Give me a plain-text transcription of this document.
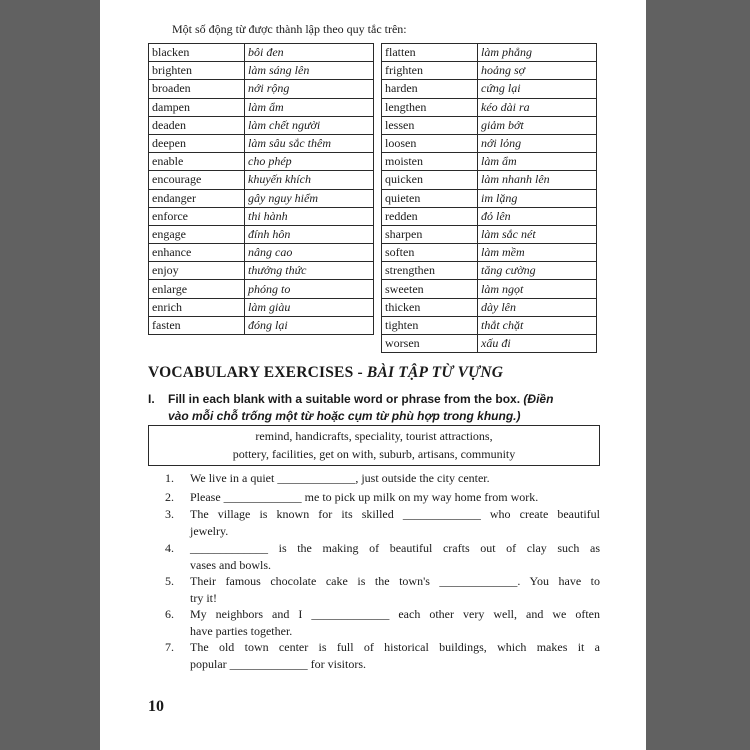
Một số động từ được thành lập theo quy tắc trên:
blacken	bôi đen
brighten	làm sáng lên
broaden	nới rộng
dampen	làm ẩm
deaden	làm chết người
deepen	làm sâu sắc thêm
enable	cho phép
encourage	khuyến khích
endanger	gây nguy hiểm
enforce	thi hành
engage	đính hôn
enhance	nâng cao
enjoy	thưởng thức
enlarge	phóng to
enrich	làm giàu
fasten	đóng lại
flatten	làm phẳng
frighten	hoảng sợ
harden	cứng lại
lengthen	kéo dài ra
lessen	giảm bớt
loosen	nới lỏng
moisten	làm ẩm
quicken	làm nhanh lên
quieten	im lặng
redden	đỏ lên
sharpen	làm sắc nét
soften	làm mềm
strengthen	tăng cường
sweeten	làm ngọt
thicken	dày lên
tighten	thắt chặt
worsen	xấu đi
VOCABULARY EXERCISES - BÀI TẬP TỪ VỰNG
I. Fill in each blank with a suitable word or phrase from the box. (Điền
vào mỗi chỗ trống một từ hoặc cụm từ phù hợp trong khung.)
remind, handicrafts, speciality, tourist attractions,
pottery, facilities, get on with, suburb, artisans, community
1. We live in a quiet _____________, just outside the city center.
2. Please _____________ me to pick up milk on my way home from work.
3. The village is known for its skilled _____________ who create beautiful
jewelry.
4. _____________ is the making of beautiful crafts out of clay such as
vases and bowls.
5. Their famous chocolate cake is the town's _____________. You have to
try it!
6. My neighbors and I _____________ each other very well, and we often
have parties together.
7. The old town center is full of historical buildings, which makes it a
popular _____________ for visitors.
10
